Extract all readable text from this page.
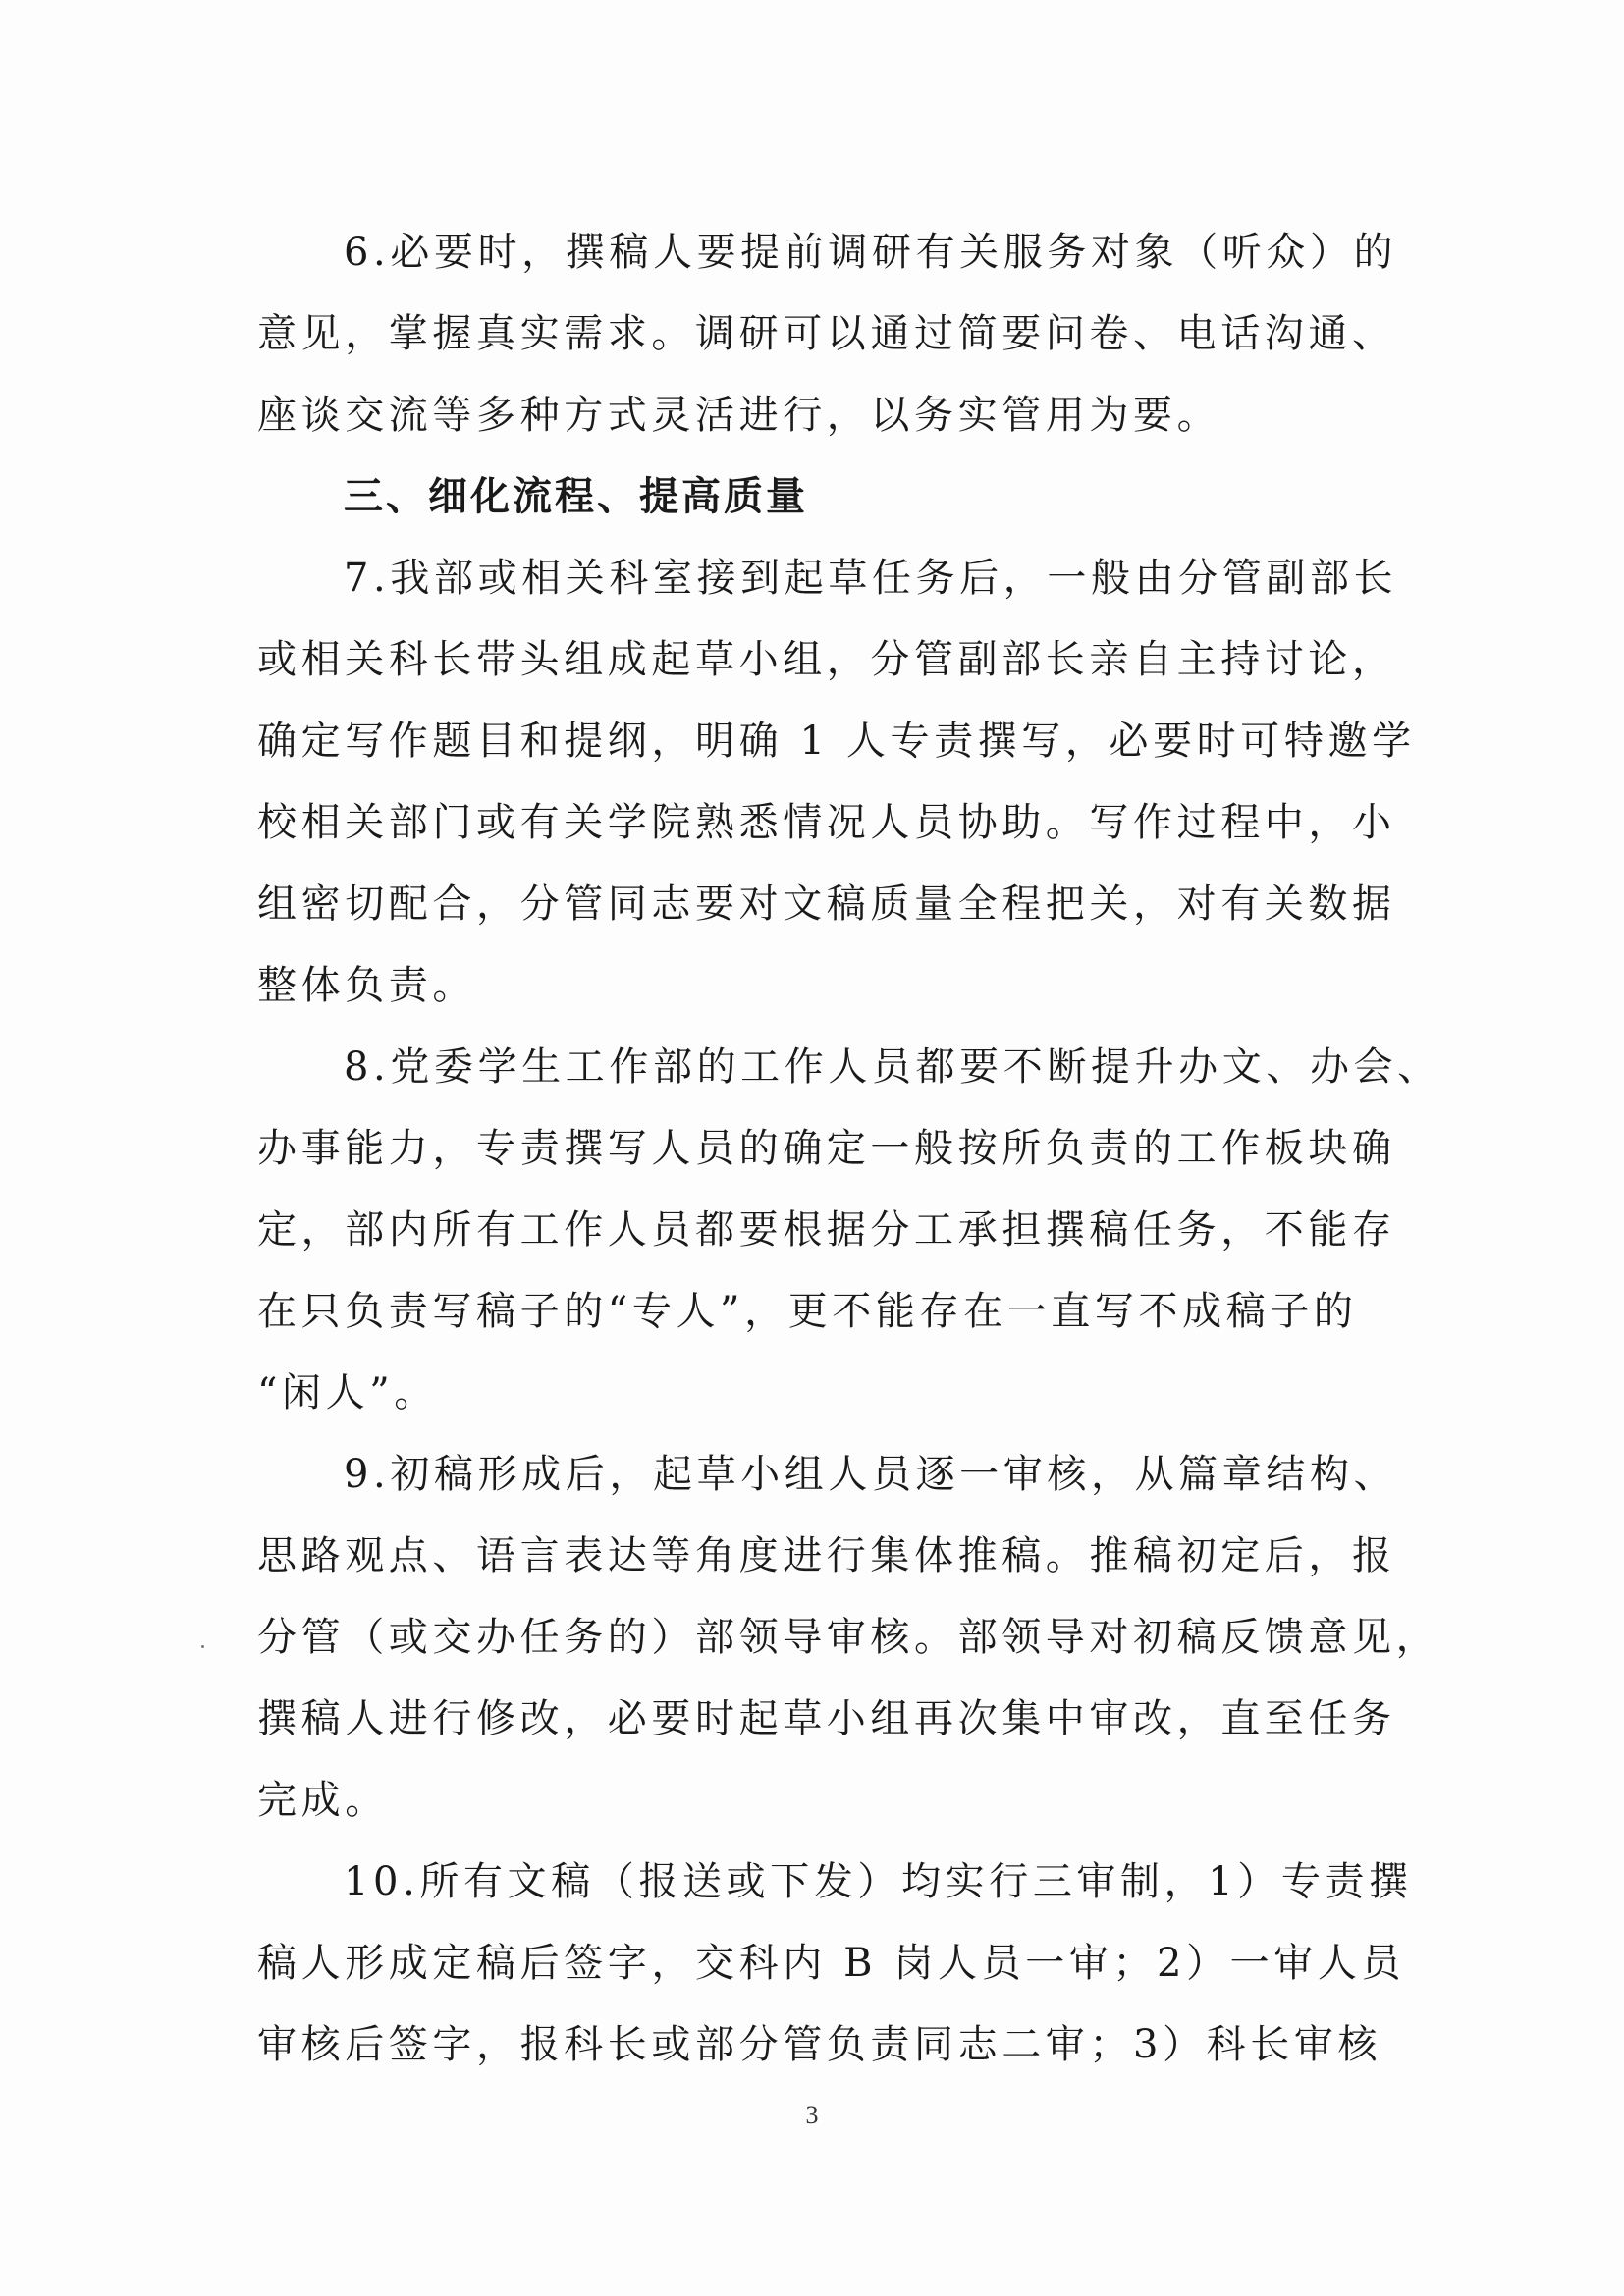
6.必要时，撰稿人要提前调研有关服务对象（听众）的
意见，掌握真实需求。调研可以通过简要问卷、电话沟通、
座谈交流等多种方式灵活进行，以务实管用为要。
三、细化流程、提高质量
7.我部或相关科室接到起草任务后，一般由分管副部长
或相关科长带头组成起草小组，分管副部长亲自主持讨论，
确定写作题目和提纲，明确 1 人专责撰写，必要时可特邀学
校相关部门或有关学院熟悉情况人员协助。写作过程中，小
组密切配合，分管同志要对文稿质量全程把关，对有关数据
整体负责。
8.党委学生工作部的工作人员都要不断提升办文、办会、
办事能力，专责撰写人员的确定一般按所负责的工作板块确
定，部内所有工作人员都要根据分工承担撰稿任务，不能存
在只负责写稿子的“专人”，更不能存在一直写不成稿子的
“闲人”。
9.初稿形成后，起草小组人员逐一审核，从篇章结构、
思路观点、语言表达等角度进行集体推稿。推稿初定后，报
分管（或交办任务的）部领导审核。部领导对初稿反馈意见，
撰稿人进行修改，必要时起草小组再次集中审改，直至任务
完成。
10.所有文稿（报送或下发）均实行三审制，1）专责撰
稿人形成定稿后签字，交科内 B 岗人员一审；2）一审人员
审核后签字，报科长或部分管负责同志二审；3）科长审核
3
